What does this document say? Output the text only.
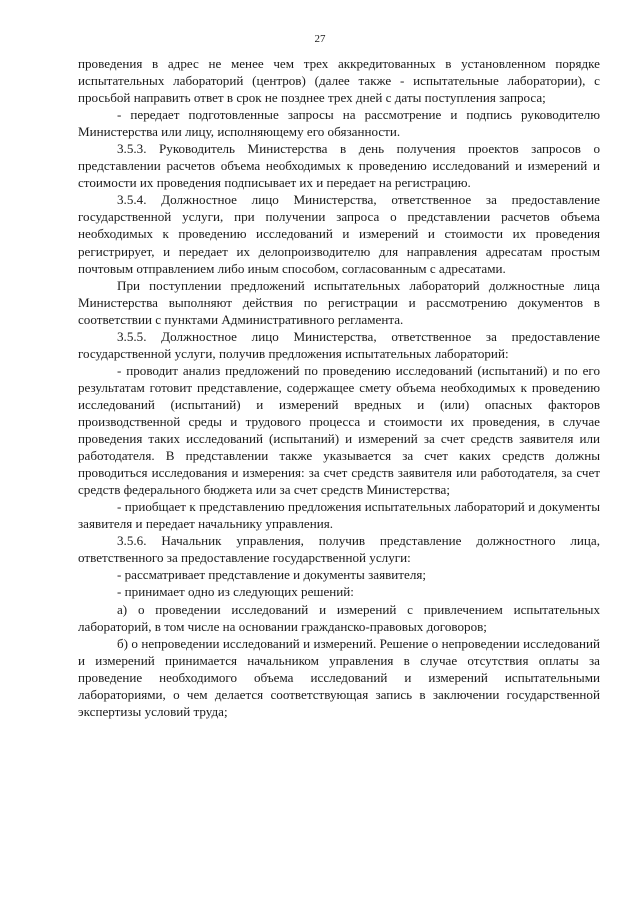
27

проведения в адрес не менее чем трех аккредитованных в установленном порядке испытательных лабораторий (центров) (далее также - испытательные лаборатории), с просьбой направить ответ в срок не позднее трех дней с даты поступления запроса;

- передает подготовленные запросы на рассмотрение и подпись руководителю Министерства или лицу, исполняющему его обязанности.

3.5.3. Руководитель Министерства в день получения проектов запросов о представлении расчетов объема необходимых к проведению исследований и измерений и стоимости их проведения подписывает их и передает на регистрацию.

3.5.4. Должностное лицо Министерства, ответственное за предоставление государственной услуги, при получении запроса о представлении расчетов объема необходимых к проведению исследований и измерений и стоимости их проведения регистрирует, и передает их делопроизводителю для направления адресатам простым почтовым отправлением либо иным способом, согласованным с адресатами.

При поступлении предложений испытательных лабораторий должностные лица Министерства выполняют действия по регистрации и рассмотрению документов в соответствии с пунктами Административного регламента.

3.5.5. Должностное лицо Министерства, ответственное за предоставление государственной услуги, получив предложения испытательных лабораторий:

- проводит анализ предложений по проведению исследований (испытаний) и по его результатам готовит представление, содержащее смету объема необходимых к проведению исследований (испытаний) и измерений вредных и (или) опасных факторов производственной среды и трудового процесса и стоимости их проведения, в случае проведения таких исследований (испытаний) и измерений за счет средств заявителя или работодателя. В представлении также указывается за счет каких средств должны проводиться исследования и измерения: за счет средств заявителя или работодателя, за счет средств федерального бюджета или за счет средств Министерства;

- приобщает к представлению предложения испытательных лабораторий и документы заявителя и передает начальнику управления.

3.5.6. Начальник управления, получив представление должностного лица, ответственного за предоставление государственной услуги:

- рассматривает представление и документы заявителя;

- принимает одно из следующих решений:

а) о проведении исследований и измерений с привлечением испытательных лабораторий, в том числе на основании гражданско-правовых договоров;

б) о непроведении исследований и измерений. Решение о непроведении исследований и измерений принимается начальником управления в случае отсутствия оплаты за проведение необходимого объема исследований и измерений испытательными лабораториями, о чем делается соответствующая запись в заключении государственной экспертизы условий труда;
